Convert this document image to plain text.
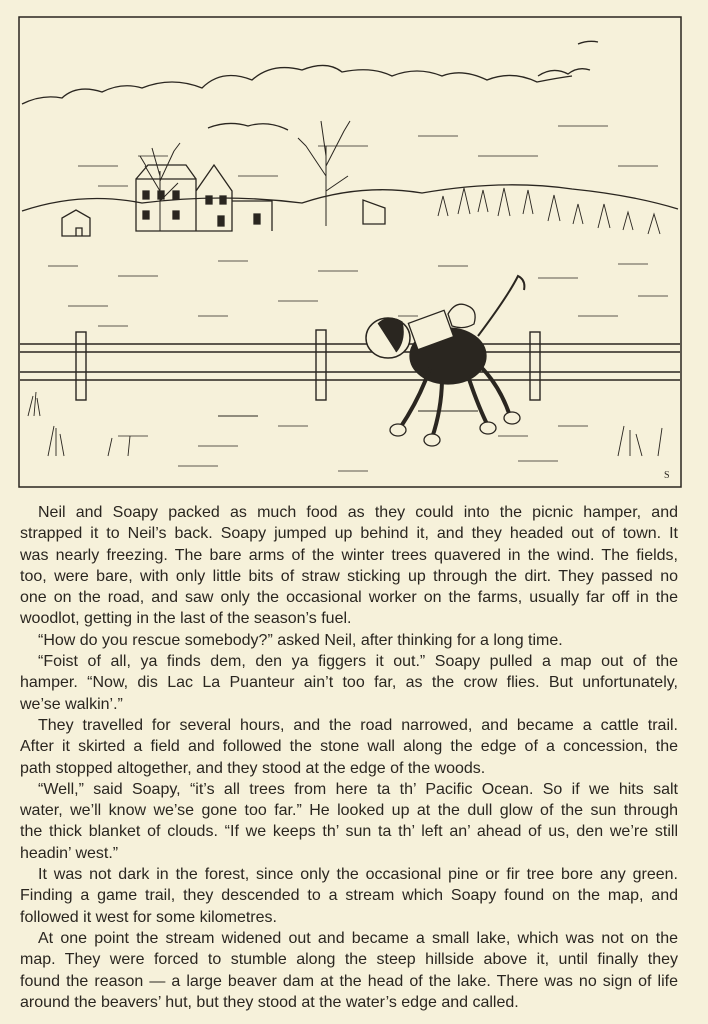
S
Neil and Soapy packed as much food as they could into the picnic hamper, and
strapped it to Neil’s back. Soapy jumped up behind it, and they headed out of town. It
was nearly freezing. The bare arms of the winter trees quavered in the wind. The fields,
too, were bare, with only little bits of straw sticking up through the dirt. They passed no
one on the road, and saw only the occasional worker on the farms, usually far off in the
woodlot, getting in the last of the season’s fuel.
“How do you rescue somebody?” asked Neil, after thinking for a long time.
“Foist of all, ya finds dem, den ya figgers it out.” Soapy pulled a map out of the
hamper. “Now, dis Lac La Puanteur ain’t too far, as the crow flies. But unfortunately,
we’se walkin’.”
They travelled for several hours, and the road narrowed, and became a cattle trail.
After it skirted a field and followed the stone wall along the edge of a concession, the
path stopped altogether, and they stood at the edge of the woods.
“Well,” said Soapy, “it’s all trees from here ta th’ Pacific Ocean. So if we hits salt
water, we’ll know we’se gone too far.” He looked up at the dull glow of the sun through
the thick blanket of clouds. “If we keeps th’ sun ta th’ left an’ ahead of us, den we’re still
headin’ west.”
It was not dark in the forest, since only the occasional pine or fir tree bore any green.
Finding a game trail, they descended to a stream which Soapy found on the map, and
followed it west for some kilometres.
At one point the stream widened out and became a small lake, which was not on the
map. They were forced to stumble along the steep hillside above it, until finally they
found the reason — a large beaver dam at the head of the lake. There was no sign of life
around the beavers’ hut, but they stood at the water’s edge and called.
